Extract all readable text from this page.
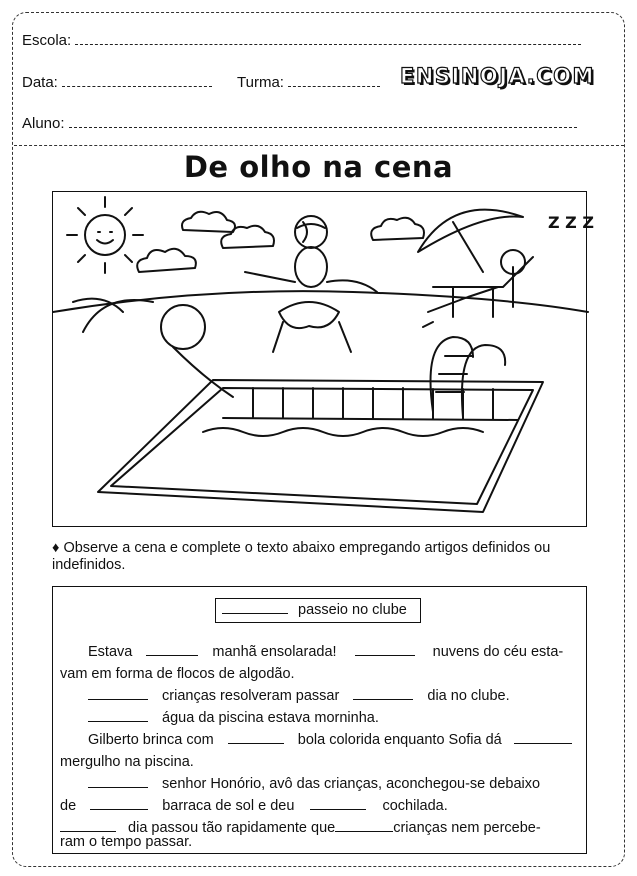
Escola:
Data:	Turma:	ENSINOJA.COM
Aluno:
De olho na cena
Z Z Z
♦ Observe a cena e complete o texto abaixo empregando artigos definidos ou indefinidos.
passeio no clube
Estava	manhã ensolarada!	nuvens do céu esta-
vam em forma de flocos de algodão.
crianças resolveram passar	dia no clube.
água da piscina estava morninha.
Gilberto brinca com	bola colorida enquanto Sofia dá
mergulho na piscina.
senhor Honório, avô das crianças, aconchegou-se debaixo
de	barraca de sol e deu	cochilada.
dia passou tão rapidamente que	crianças nem percebe-
ram o tempo passar.
